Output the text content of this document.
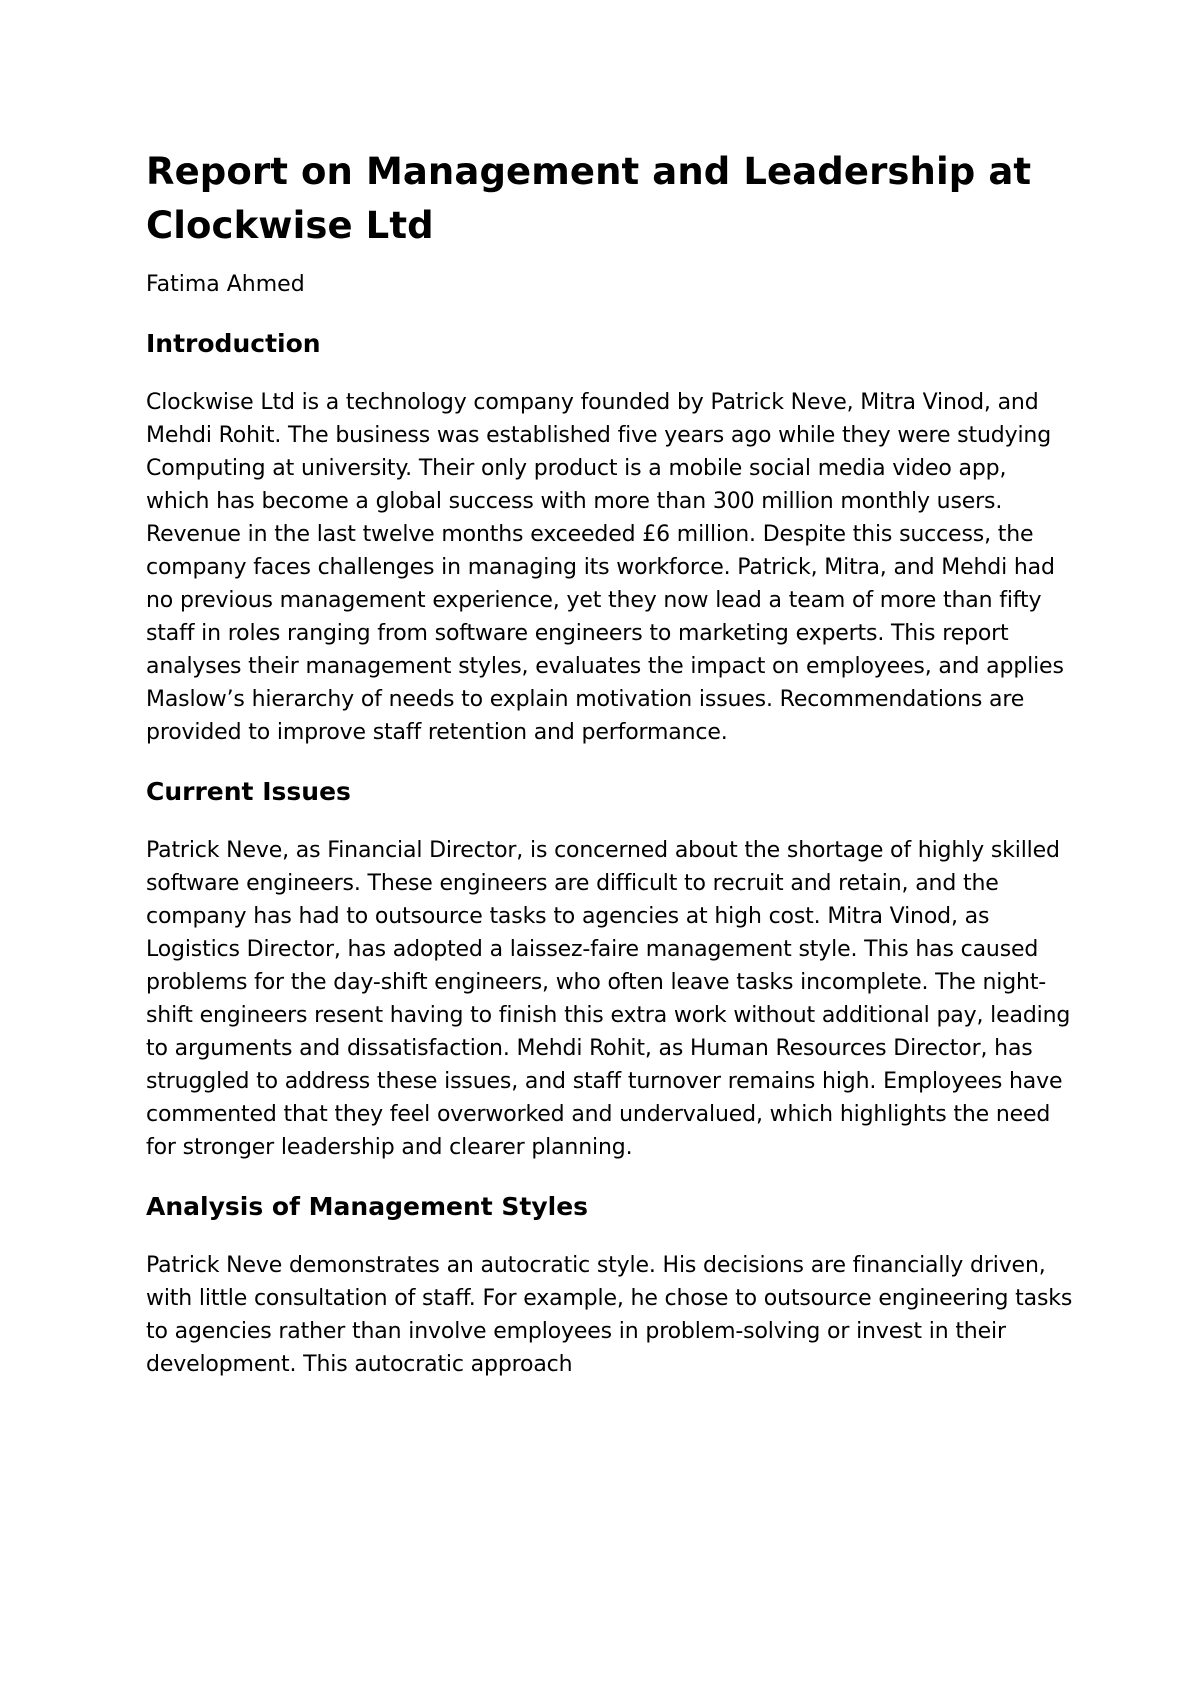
Report on Management and Leadership at Clockwise Ltd

Fatima Ahmed

Introduction

Clockwise Ltd is a technology company founded by Patrick Neve, Mitra Vinod, and Mehdi Rohit. The business was established five years ago while they were studying Computing at university. Their only product is a mobile social media video app, which has become a global success with more than 300 million monthly users. Revenue in the last twelve months exceeded £6 million. Despite this success, the company faces challenges in managing its workforce. Patrick, Mitra, and Mehdi had no previous management experience, yet they now lead a team of more than fifty staff in roles ranging from software engineers to marketing experts. This report analyses their management styles, evaluates the impact on employees, and applies Maslow’s hierarchy of needs to explain motivation issues. Recommendations are provided to improve staff retention and performance.

Current Issues

Patrick Neve, as Financial Director, is concerned about the shortage of highly skilled software engineers. These engineers are difficult to recruit and retain, and the company has had to outsource tasks to agencies at high cost. Mitra Vinod, as Logistics Director, has adopted a laissez-faire management style. This has caused problems for the day-shift engineers, who often leave tasks incomplete. The night-shift engineers resent having to finish this extra work without additional pay, leading to arguments and dissatisfaction. Mehdi Rohit, as Human Resources Director, has struggled to address these issues, and staff turnover remains high. Employees have commented that they feel overworked and undervalued, which highlights the need for stronger leadership and clearer planning.

Analysis of Management Styles

Patrick Neve demonstrates an autocratic style. His decisions are financially driven, with little consultation of staff. For example, he chose to outsource engineering tasks to agencies rather than involve employees in problem-solving or invest in their development. This autocratic approach
